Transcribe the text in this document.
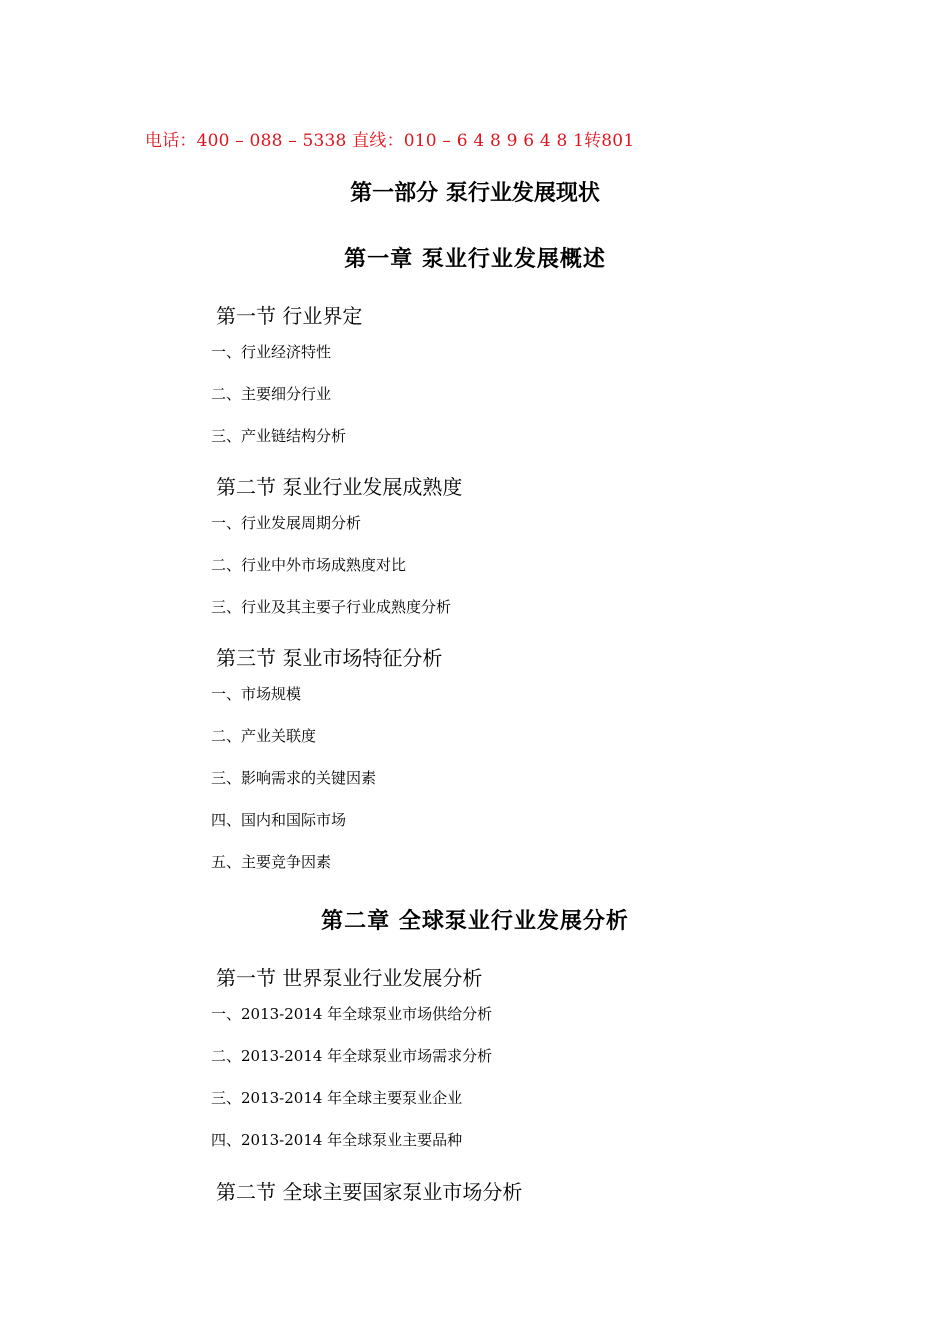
电话：400 – 088 – 5338 直线：010 – 6 4 8 9 6 4 8 1转801
第一部分 泵行业发展现状
第一章 泵业行业发展概述
第一节 行业界定
一、行业经济特性
二、主要细分行业
三、产业链结构分析
第二节 泵业行业发展成熟度
一、行业发展周期分析
二、行业中外市场成熟度对比
三、行业及其主要子行业成熟度分析
第三节 泵业市场特征分析
一、市场规模
二、产业关联度
三、影响需求的关键因素
四、国内和国际市场
五、主要竞争因素
第二章 全球泵业行业发展分析
第一节 世界泵业行业发展分析
一、2013-2014 年全球泵业市场供给分析
二、2013-2014 年全球泵业市场需求分析
三、2013-2014 年全球主要泵业企业
四、2013-2014 年全球泵业主要品种
第二节 全球主要国家泵业市场分析
